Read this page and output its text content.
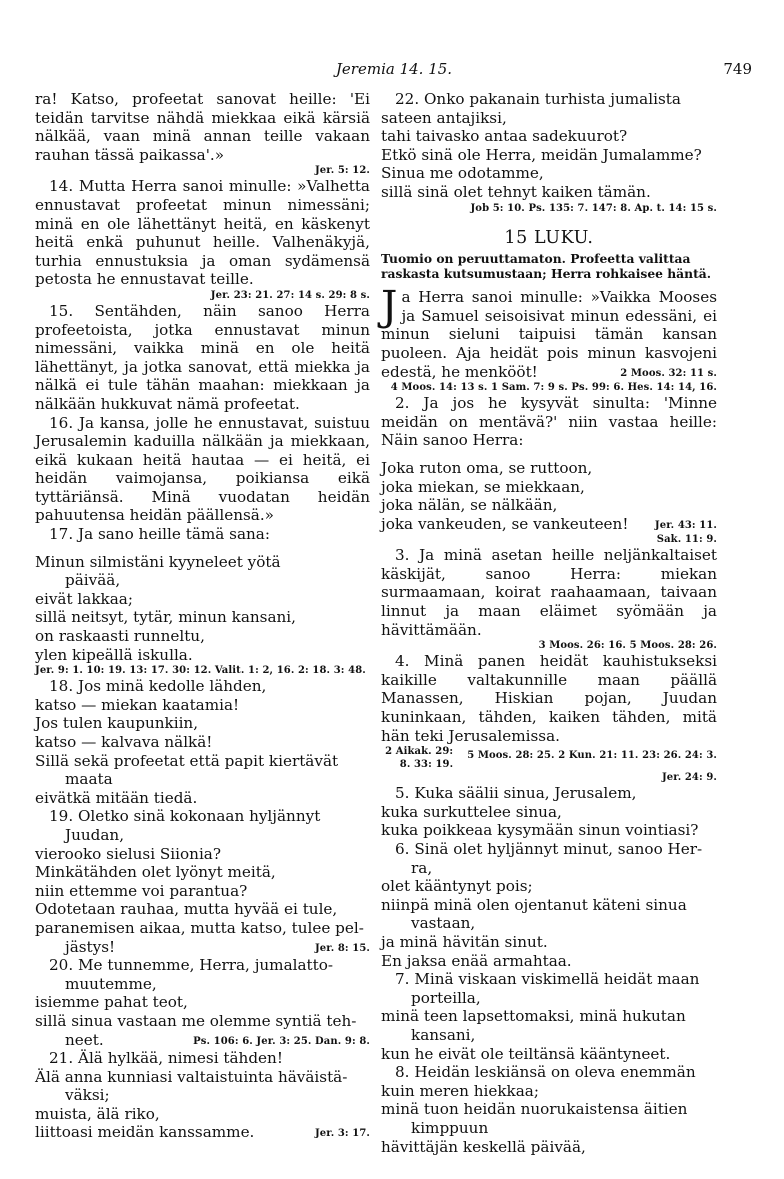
Jeremia 14. 15.	749

ra! Katso, profeetat sanovat heille: 'Ei teidän tarvitse nähdä miekkaa eikä kärsiä nälkää, vaan minä annan teille vakaan rauhan tässä paikassa'.»

Jer. 5: 12.

14. Mutta Herra sanoi minulle: »Valhetta ennustavat profeetat minun nimessäni; minä en ole lähettänyt heitä, en käskenyt heitä enkä puhunut heille. Valhenäkyjä, turhia ennustuksia ja oman sydämensä petosta he ennustavat teille.

Jer. 23: 21. 27: 14 s. 29: 8 s.

15. Sentähden, näin sanoo Herra profeetoista, jotka ennustavat minun nimessäni, vaikka minä en ole heitä lähettänyt, ja jotka sanovat, että miekka ja nälkä ei tule tähän maahan: miekkaan ja nälkään hukkuvat nämä profeetat.

16. Ja kansa, jolle he ennustavat, suistuu Jerusalemin kaduilla nälkään ja miekkaan, eikä kukaan heitä hautaa — ei heitä, ei heidän vaimojansa, poikiansa eikä tyttäriänsä. Minä vuodatan heidän pahuutensa heidän päällensä.»

17. Ja sano heille tämä sana:

Minun silmistäni kyyneleet yötä

päivää,

eivät lakkaa;

sillä neitsyt, tytär, minun kansani,

on raskaasti runneltu,

ylen kipeällä iskulla.

Jer. 9: 1. 10: 19. 13: 17. 30: 12. Valit. 1: 2, 16. 2: 18. 3: 48.

18. Jos minä kedolle lähden,

katso — miekan kaatamia!

Jos tulen kaupunkiin,

katso — kalvava nälkä!

Sillä sekä profeetat että papit kiertävät

maata

eivätkä mitään tiedä.

19. Oletko sinä kokonaan hyljännyt

Juudan,

vierooko sielusi Siionia?

Minkätähden olet lyönyt meitä,

niin ettemme voi parantua?

Odotetaan rauhaa, mutta hyvää ei tule,

paranemisen aikaa, mutta katso, tulee pel-

jästys!	Jer. 8: 15.

20. Me tunnemme, Herra, jumalatto-

muutemme,

isiemme pahat teot,

sillä sinua vastaan me olemme syntiä teh-

neet.	Ps. 106: 6. Jer. 3: 25. Dan. 9: 8.

21. Älä hylkää, nimesi tähden!

Älä anna kunniasi valtaistuinta häväistä-

väksi;

muista, älä riko,

liittoasi meidän kanssamme.	Jer. 3: 17.

22. Onko pakanain turhista jumalista

sateen antajiksi,

tahi taivasko antaa sadekuurot?

Etkö sinä ole Herra, meidän Jumalamme?

Sinua me odotamme,

sillä sinä olet tehnyt kaiken tämän.

Job 5: 10. Ps. 135: 7. 147: 8. Ap. t. 14: 15 s.

15 LUKU.
Tuomio on peruuttamaton. Profeetta valittaa raskasta kutsumustaan; Herra rohkaisee häntä.

Ja Herra sanoi minulle: »Vaikka Mooses ja Samuel seisoisivat minun edessäni, ei minun sieluni taipuisi tämän kansan puoleen. Aja heidät pois minun kasvojeni edestä, he menkööt!	2 Moos. 32: 11 s.

4 Moos. 14: 13 s. 1 Sam. 7: 9 s. Ps. 99: 6. Hes. 14: 14, 16.

2. Ja jos he kysyvät sinulta: 'Minne meidän on mentävä?' niin vastaa heille: Näin sanoo Herra:

Joka ruton oma, se ruttoon,

joka miekan, se miekkaan,

joka nälän, se nälkään,

joka vankeuden, se vankeuteen!	Jer. 43: 11.

Sak. 11: 9.

3. Ja minä asetan heille neljänkaltaiset käskijät, sanoo Herra: miekan surmaamaan, koirat raahaamaan, taivaan linnut ja maan eläimet syömään ja hävittämään.

3 Moos. 26: 16. 5 Moos. 28: 26.

4. Minä panen heidät kauhistukseksi kaikille valtakunnille maan päällä Manassen, Hiskian pojan, Juudan kuninkaan, tähden, kaiken tähden, mitä hän teki Jerusalemissa.
5 Moos. 28: 25. 2 Kun. 21: 11. 23: 26. 24: 3.

2 Aikak. 29: 8. 33: 19. Jer. 24: 9.

5. Kuka säälii sinua, Jerusalem,

kuka surkuttelee sinua,

kuka poikkeaa kysymään sinun vointiasi?

6. Sinä olet hyljännyt minut, sanoo Her-

ra,

olet kääntynyt pois;

niinpä minä olen ojentanut käteni sinua

vastaan,

ja minä hävitän sinut.

En jaksa enää armahtaa.

7. Minä viskaan viskimellä heidät maan

porteilla,

minä teen lapsettomaksi, minä hukutan

kansani,

kun he eivät ole teiltänsä kääntyneet.

8. Heidän leskiänsä on oleva enemmän

kuin meren hiekkaa;

minä tuon heidän nuorukaistensa äitien

kimppuun

hävittäjän keskellä päivää,
